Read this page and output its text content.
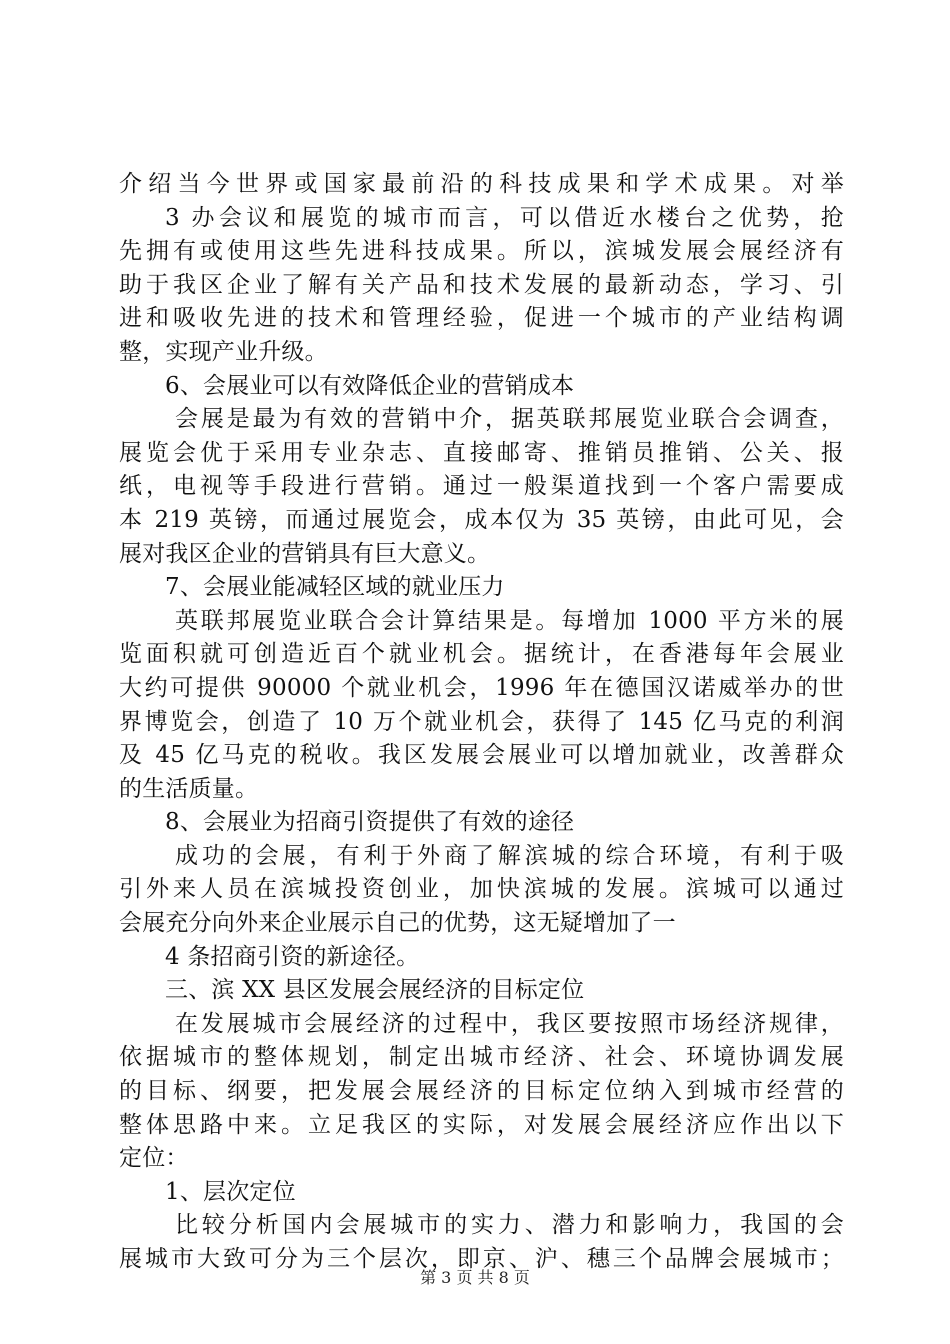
介绍当今世界或国家最前沿的科技成果和学术成果。对举
3 办会议和展览的城市而言，可以借近水楼台之优势，抢
先拥有或使用这些先进科技成果。所以，滨城发展会展经济有
助于我区企业了解有关产品和技术发展的最新动态，学习、引
进和吸收先进的技术和管理经验，促进一个城市的产业结构调
整，实现产业升级。
6、会展业可以有效降低企业的营销成本
会展是最为有效的营销中介，据英联邦展览业联合会调查，
展览会优于采用专业杂志、直接邮寄、推销员推销、公关、报
纸，电视等手段进行营销。通过一般渠道找到一个客户需要成
本 219 英镑，而通过展览会，成本仅为 35 英镑，由此可见，会
展对我区企业的营销具有巨大意义。
7、会展业能减轻区域的就业压力
英联邦展览业联合会计算结果是。每增加 1000 平方米的展
览面积就可创造近百个就业机会。据统计，在香港每年会展业
大约可提供 90000 个就业机会，1996 年在德国汉诺威举办的世
界博览会，创造了 10 万个就业机会，获得了 145 亿马克的利润
及 45 亿马克的税收。我区发展会展业可以增加就业，改善群众
的生活质量。
8、会展业为招商引资提供了有效的途径
成功的会展，有利于外商了解滨城的综合环境，有利于吸
引外来人员在滨城投资创业，加快滨城的发展。滨城可以通过
会展充分向外来企业展示自己的优势，这无疑增加了一
4 条招商引资的新途径。
三、滨 XX 县区发展会展经济的目标定位
在发展城市会展经济的过程中，我区要按照市场经济规律，
依据城市的整体规划，制定出城市经济、社会、环境协调发展
的目标、纲要，把发展会展经济的目标定位纳入到城市经营的
整体思路中来。立足我区的实际，对发展会展经济应作出以下
定位：
1、层次定位
比较分析国内会展城市的实力、潜力和影响力，我国的会
展城市大致可分为三个层次，即京、沪、穗三个品牌会展城市；
第 3 页 共 8 页
